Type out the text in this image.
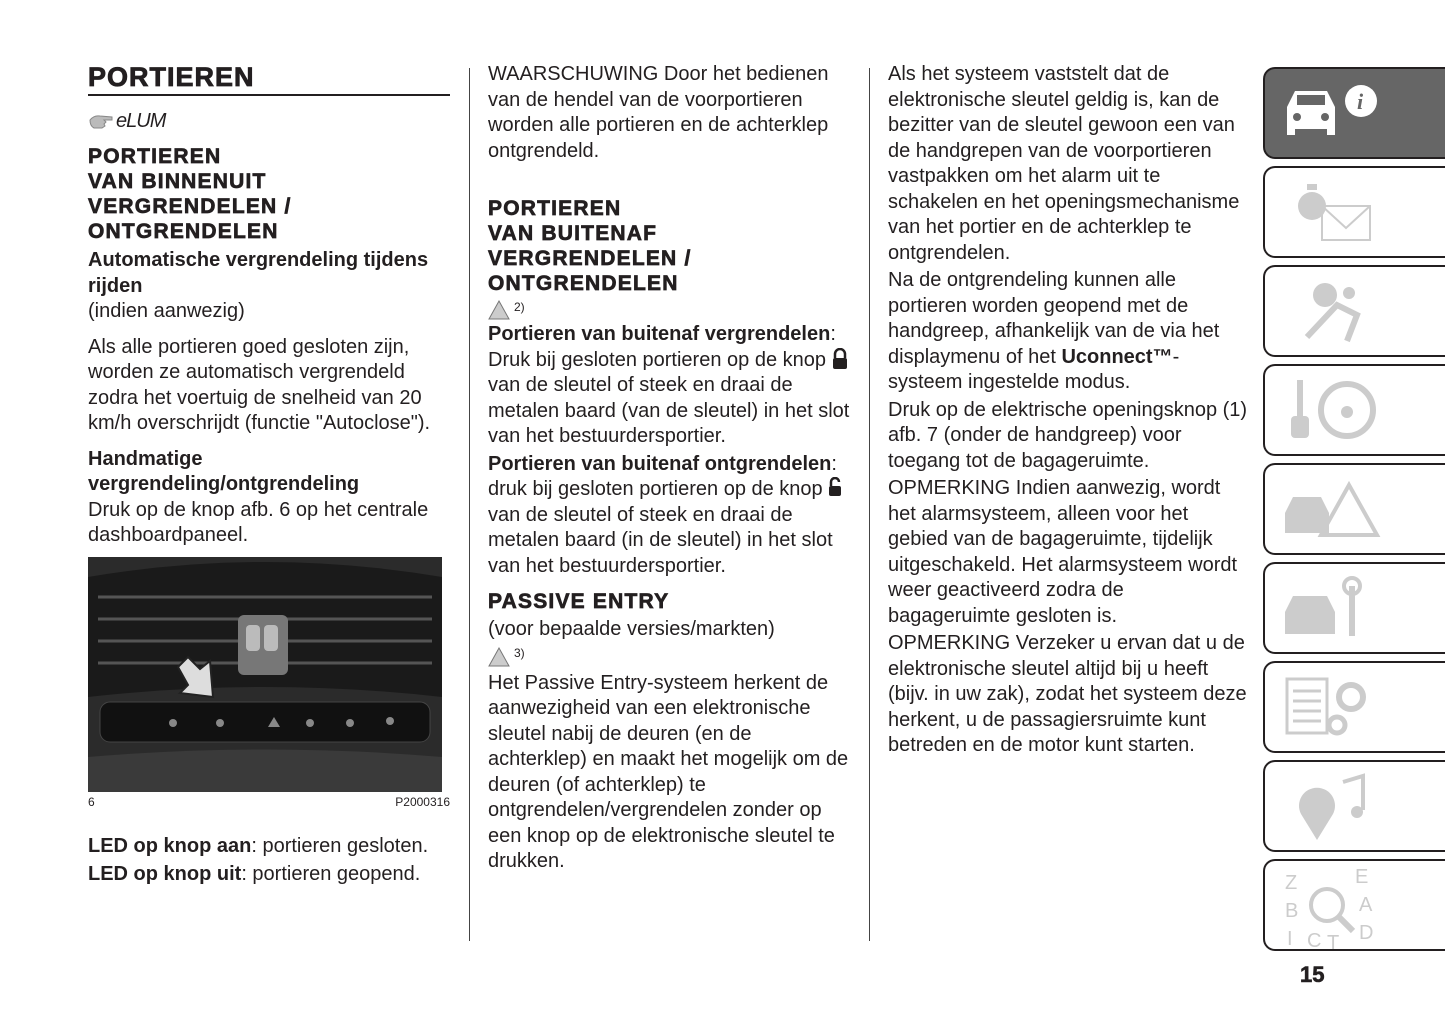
PORTIEREN
eLUM
PORTIEREN
VAN BINNENUIT
VERGRENDELEN /
ONTGRENDELEN

Automatische vergrendeling tijdens rijden

(indien aanwezig)

Als alle portieren goed gesloten zijn, worden ze automatisch vergrendeld zodra het voertuig de snelheid van 20 km/h overschrijdt (functie "Autoclose").

Handmatige vergrendeling/ontgrendeling

Druk op de knop afb. 6 op het centrale dashboardpaneel.

6	P2000316

LED op knop aan: portieren gesloten.

LED op knop uit: portieren geopend.

WAARSCHUWING Door het bedienen van de hendel van de voorportieren worden alle portieren en de achterklep ontgrendeld.

PORTIEREN
VAN BUITENAF
VERGRENDELEN /
ONTGRENDELEN
2)

Portieren van buitenaf vergrendelen: Druk bij gesloten portieren op de knop  van de sleutel of steek en draai de metalen baard (van de sleutel) in het slot van het bestuurdersportier.

Portieren van buitenaf ontgrendelen: druk bij gesloten portieren op de knop  van de sleutel of steek en draai de metalen baard (in de sleutel) in het slot van het bestuurdersportier.

PASSIVE ENTRY

(voor bepaalde versies/markten)

3)

Het Passive Entry-systeem herkent de aanwezigheid van een elektronische sleutel nabij de deuren (en de achterklep) en maakt het mogelijk om de deuren (of achterklep) te ontgrendelen/vergrendelen zonder op een knop op de elektronische sleutel te drukken.

Als het systeem vaststelt dat de elektronische sleutel geldig is, kan de bezitter van de sleutel gewoon een van de handgrepen van de voorportieren vastpakken om het alarm uit te schakelen en het openingsmechanisme van het portier en de achterklep te ontgrendelen.

Na de ontgrendeling kunnen alle portieren worden geopend met de handgreep, afhankelijk van de via het displaymenu of het Uconnect™-systeem ingestelde modus.

Druk op de elektrische openingsknop (1) afb. 7 (onder de handgreep) voor toegang tot de bagageruimte.

OPMERKING Indien aanwezig, wordt het alarmsysteem, alleen voor het gebied van de bagageruimte, tijdelijk uitgeschakeld. Het alarmsysteem wordt weer geactiveerd zodra de bagageruimte gesloten is.

OPMERKING Verzeker u ervan dat u de elektronische sleutel altijd bij u heeft (bijv. in uw zak), zodat het systeem deze herkent, u de passagiersruimte kunt betreden en de motor kunt starten.

i
Z	E B	A I C T D
15
